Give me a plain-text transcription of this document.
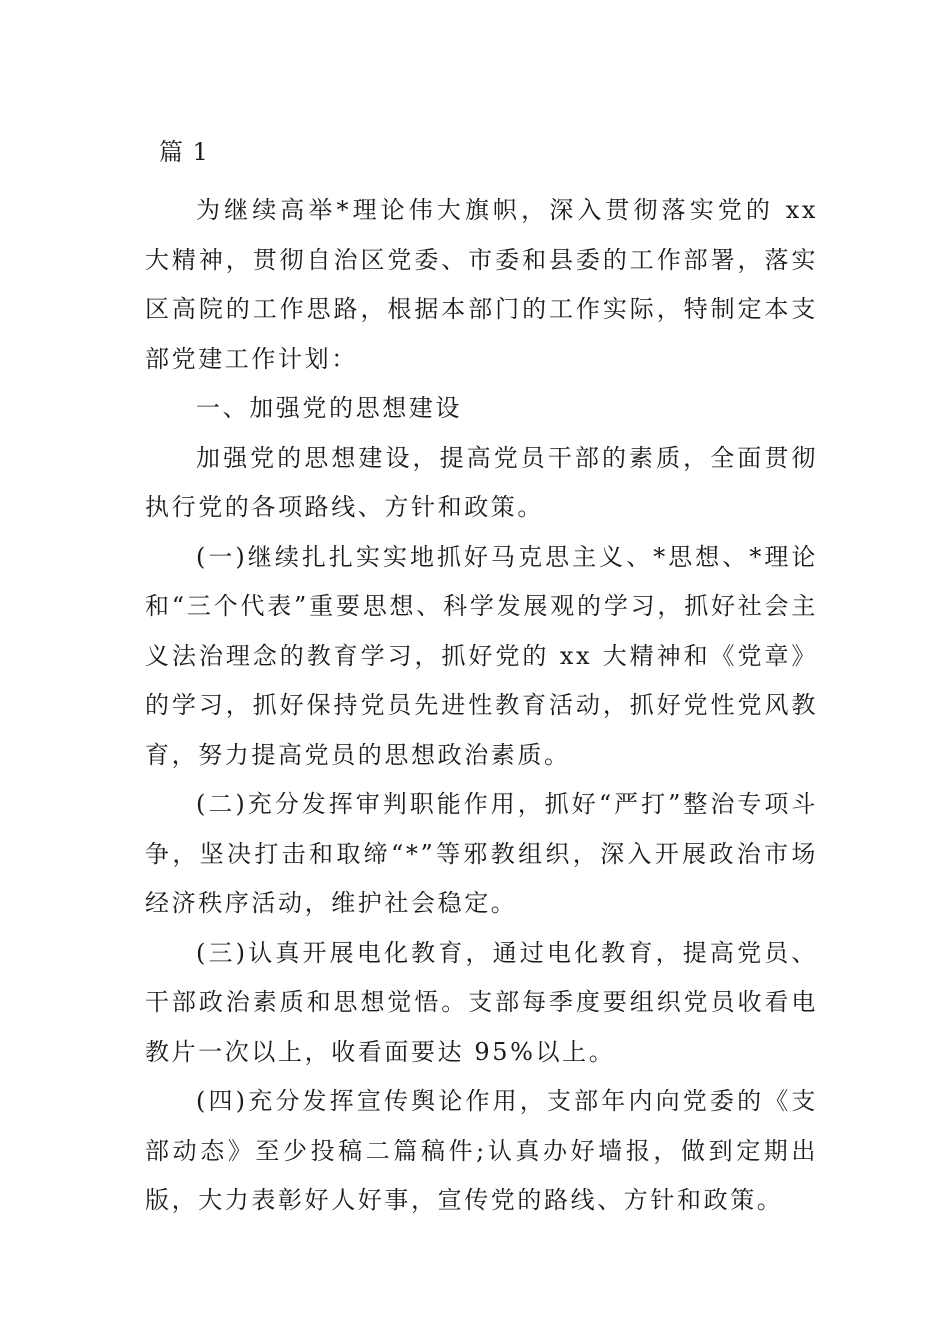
篇 1

为继续高举*理论伟大旗帜，深入贯彻落实党的 xx 大精神，贯彻自治区党委、市委和县委的工作部署，落实区高院的工作思路，根据本部门的工作实际，特制定本支部党建工作计划：

一、加强党的思想建设

加强党的思想建设，提高党员干部的素质，全面贯彻执行党的各项路线、方针和政策。

(一)继续扎扎实实地抓好马克思主义、*思想、*理论和“三个代表”重要思想、科学发展观的学习，抓好社会主义法治理念的教育学习，抓好党的 xx 大精神和《党章》的学习，抓好保持党员先进性教育活动，抓好党性党风教育，努力提高党员的思想政治素质。

(二)充分发挥审判职能作用，抓好“严打”整治专项斗争，坚决打击和取缔“*”等邪教组织，深入开展政治市场经济秩序活动，维护社会稳定。

(三)认真开展电化教育，通过电化教育，提高党员、干部政治素质和思想觉悟。支部每季度要组织党员收看电教片一次以上，收看面要达 95%以上。

(四)充分发挥宣传舆论作用，支部年内向党委的《支部动态》至少投稿二篇稿件;认真办好墙报，做到定期出版，大力表彰好人好事，宣传党的路线、方针和政策。
